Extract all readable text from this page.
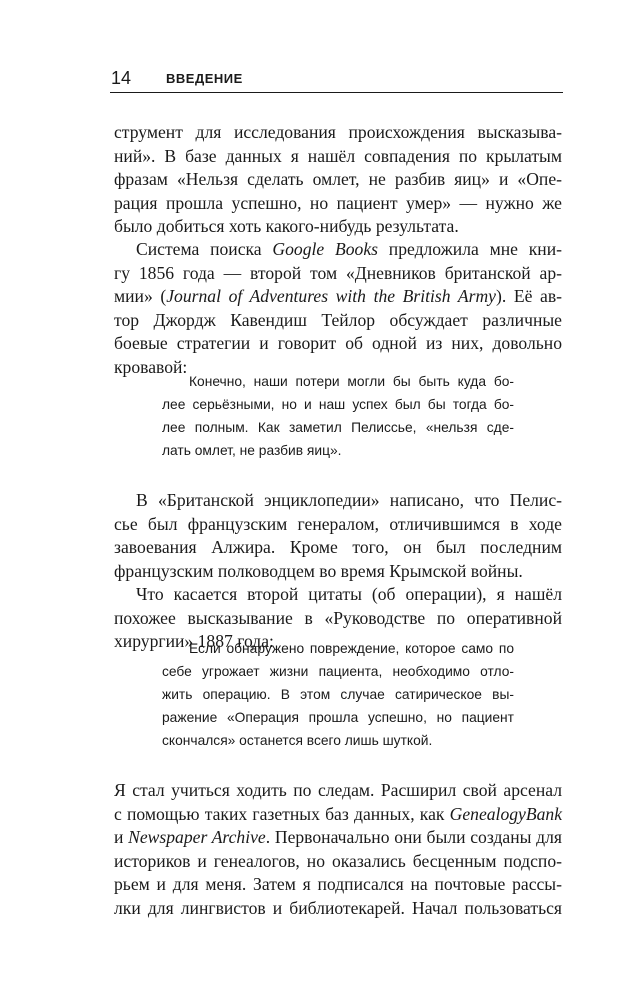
14	ВВЕДЕНИЕ
струмент для исследования происхождения высказыва-
ний». В базе данных я нашёл совпадения по крылатым
фразам «Нельзя сделать омлет, не разбив яиц» и «Опе-
рация прошла успешно, но пациент умер» — нужно же
было добиться хоть какого-нибудь результата.
Система поиска Google Books предложила мне кни-
гу 1856 года — второй том «Дневников британской ар-
мии» (Journal of Adventures with the British Army). Её ав-
тор Джордж Кавендиш Тейлор обсуждает различные
боевые стратегии и говорит об одной из них, довольно
кровавой:
Конечно, наши потери могли бы быть куда бо-
лее серьёзными, но и наш успех был бы тогда бо-
лее полным. Как заметил Пелиссье, «нельзя сде-
лать омлет, не разбив яиц».
В «Британской энциклопедии» написано, что Пелис-
сье был французским генералом, отличившимся в ходе
завоевания Алжира. Кроме того, он был последним
французским полководцем во время Крымской войны.
Что касается второй цитаты (об операции), я нашёл
похожее высказывание в «Руководстве по оперативной
хирургии» 1887 года:
Если обнаружено повреждение, которое само по
себе угрожает жизни пациента, необходимо отло-
жить операцию. В этом случае сатирическое вы-
ражение «Операция прошла успешно, но пациент
скончался» останется всего лишь шуткой.
Я стал учиться ходить по следам. Расширил свой арсенал
с помощью таких газетных баз данных, как GenealogyBank
и Newspaper Archive. Первоначально они были созданы для
историков и генеалогов, но оказались бесценным подспо-
рьем и для меня. Затем я подписался на почтовые рассы-
лки для лингвистов и библиотекарей. Начал пользоваться
